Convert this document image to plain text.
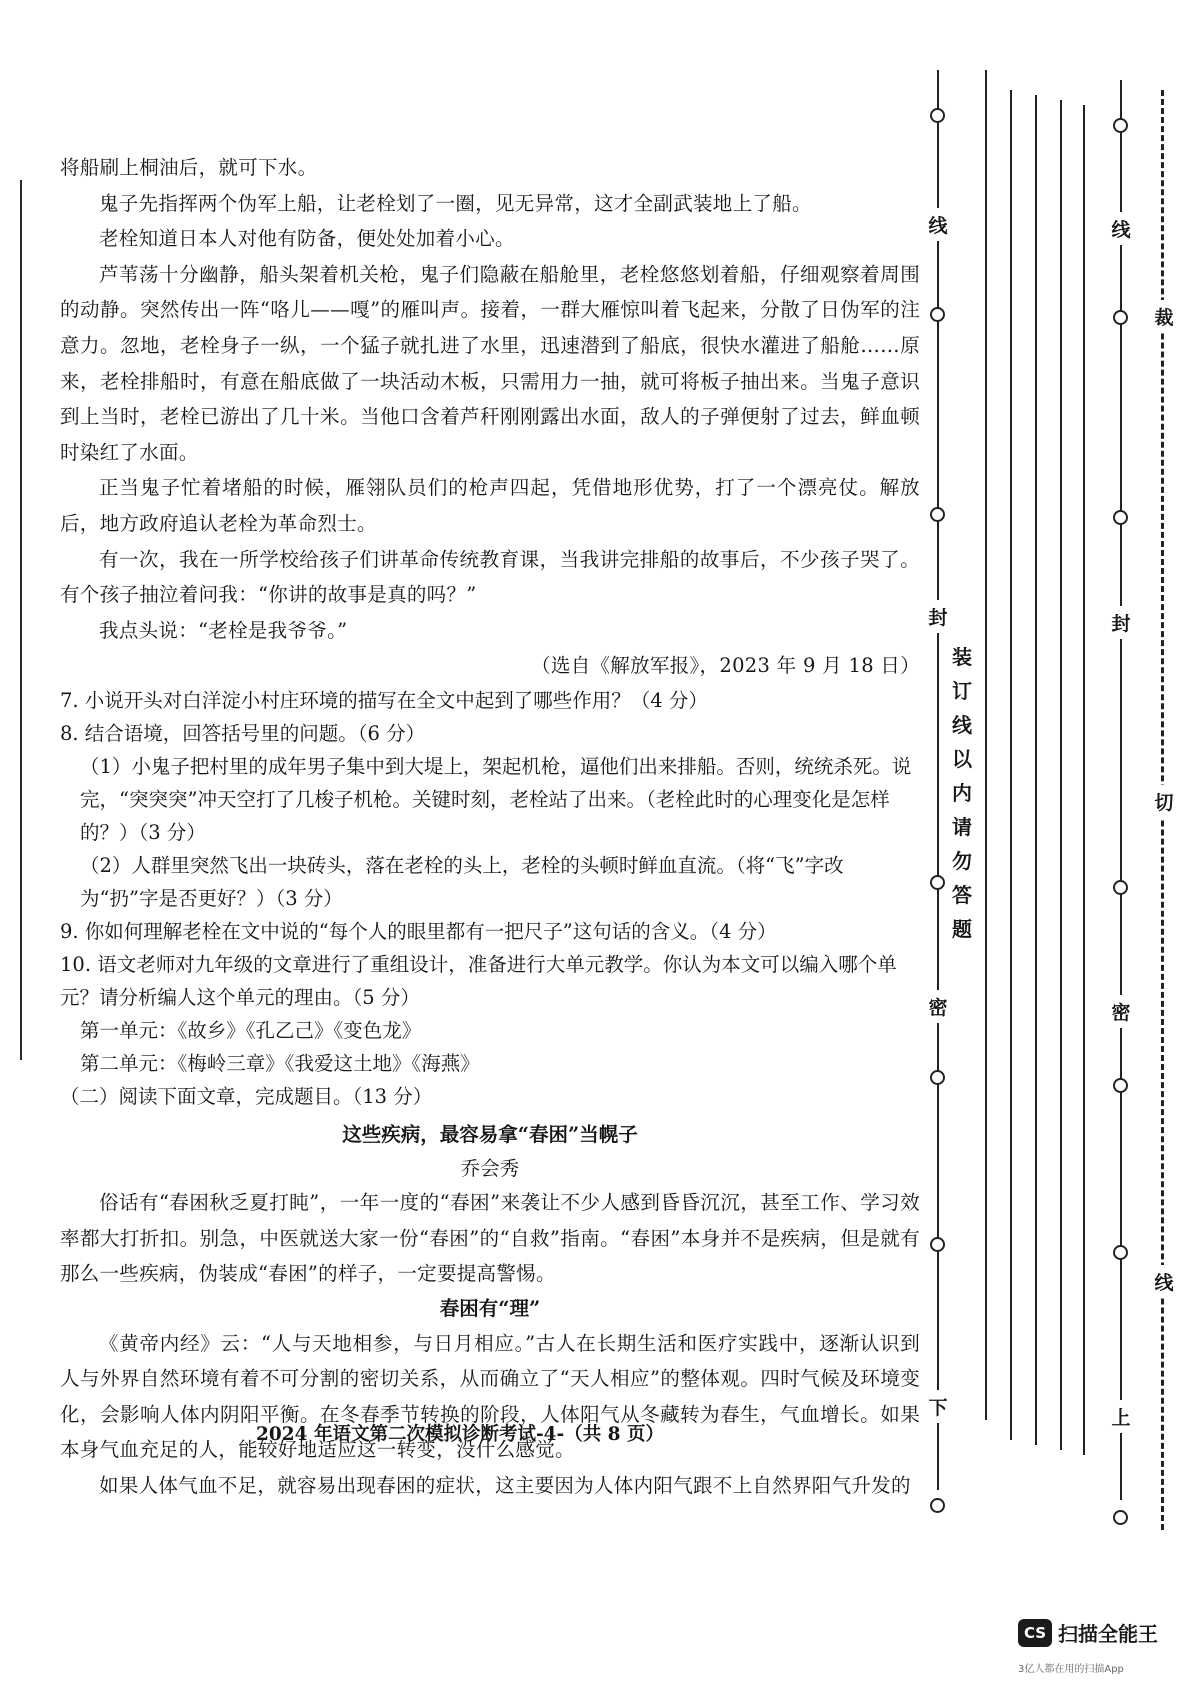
将船刷上桐油后，就可下水。

鬼子先指挥两个伪军上船，让老栓划了一圈，见无异常，这才全副武装地上了船。

老栓知道日本人对他有防备，便处处加着小心。

芦苇荡十分幽静，船头架着机关枪，鬼子们隐蔽在船舱里，老栓悠悠划着船，仔细观察着周围的动静。突然传出一阵“咯儿——嘎”的雁叫声。接着，一群大雁惊叫着飞起来，分散了日伪军的注意力。忽地，老栓身子一纵，一个猛子就扎进了水里，迅速潜到了船底，很快水灌进了船舱……原来，老栓排船时，有意在船底做了一块活动木板，只需用力一抽，就可将板子抽出来。当鬼子意识到上当时，老栓已游出了几十米。当他口含着芦秆刚刚露出水面，敌人的子弹便射了过去，鲜血顿时染红了水面。

正当鬼子忙着堵船的时候，雁翎队员们的枪声四起，凭借地形优势，打了一个漂亮仗。解放后，地方政府追认老栓为革命烈士。

有一次，我在一所学校给孩子们讲革命传统教育课，当我讲完排船的故事后，不少孩子哭了。有个孩子抽泣着问我：“你讲的故事是真的吗？”

我点头说：“老栓是我爷爷。”

（选自《解放军报》，2023 年 9 月 18 日）

7. 小说开头对白洋淀小村庄环境的描写在全文中起到了哪些作用？（4 分）

8. 结合语境，回答括号里的问题。（6 分）

（1）小鬼子把村里的成年男子集中到大堤上，架起机枪，逼他们出来排船。否则，统统杀死。说完，“突突突”冲天空打了几梭子机枪。关键时刻，老栓站了出来。（老栓此时的心理变化是怎样的？）（3 分）

（2）人群里突然飞出一块砖头，落在老栓的头上，老栓的头顿时鲜血直流。（将“飞”字改为“扔”字是否更好？）（3 分）

9. 你如何理解老栓在文中说的“每个人的眼里都有一把尺子”这句话的含义。（4 分）

10. 语文老师对九年级的文章进行了重组设计，准备进行大单元教学。你认为本文可以编入哪个单元？请分析编人这个单元的理由。（5 分）

第一单元：《故乡》《孔乙己》《变色龙》

第二单元：《梅岭三章》《我爱这土地》《海燕》

（二）阅读下面文章，完成题目。（13 分）

这些疾病，最容易拿“春困”当幌子

乔会秀

俗话有“春困秋乏夏打盹”，一年一度的“春困”来袭让不少人感到昏昏沉沉，甚至工作、学习效率都大打折扣。别急，中医就送大家一份“春困”的“自救”指南。“春困”本身并不是疾病，但是就有那么一些疾病，伪装成“春困”的样子，一定要提高警惕。

春困有“理”

《黄帝内经》云：“人与天地相参，与日月相应。”古人在长期生活和医疗实践中，逐渐认识到人与外界自然环境有着不可分割的密切关系，从而确立了“天人相应”的整体观。四时气候及环境变化，会影响人体内阴阳平衡。在冬春季节转换的阶段，人体阳气从冬藏转为春生，气血增长。如果本身气血充足的人，能较好地适应这一转变，没什么感觉。

如果人体气血不足，就容易出现春困的症状，这主要因为人体内阳气跟不上自然界阳气升发的

2024 年语文第二次模拟诊断考试-4-（共 8 页）
线
封
密
下
装订线以内请勿答题
线
封
密
上
裁
切
线
CS 扫描全能王
3亿人都在用的扫描App
